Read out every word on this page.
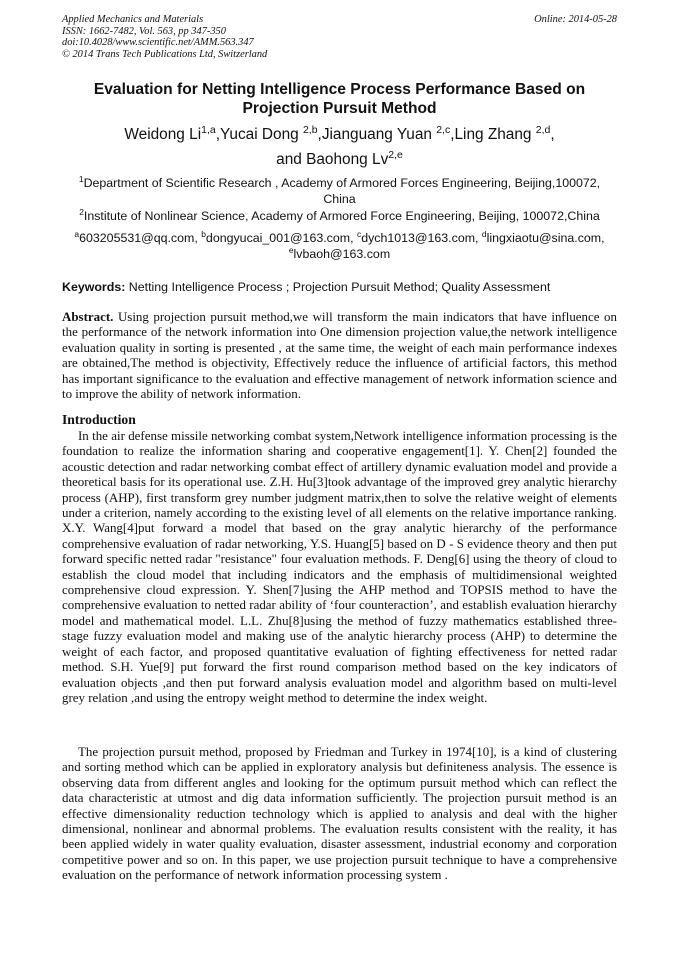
Applied Mechanics and Materials	Online: 2014-05-28
ISSN: 1662-7482, Vol. 563, pp 347-350
doi:10.4028/www.scientific.net/AMM.563.347
© 2014 Trans Tech Publications Ltd, Switzerland
Evaluation for Netting Intelligence Process Performance Based on Projection Pursuit Method
Weidong Li$^{1,a}$,Yucai Dong $^{2,b}$,Jianguang Yuan $^{2,c}$,Ling Zhang $^{2,d}$,
and Baohong Lv$^{2,e}$
$^1$Department of Scientific Research , Academy of Armored Forces Engineering, Beijing,100072, China
$^2$Institute of Nonlinear Science, Academy of Armored Force Engineering, Beijing, 100072,China
$^a$603205531@qq.com, $^b$dongyucai_001@163.com, $^c$dych1013@163.com, $^d$lingxiaotu@sina.com,
$^e$lvbaoh@163.com
Keywords: Netting Intelligence Process ; Projection Pursuit Method; Quality Assessment
Abstract. Using projection pursuit method,we will transform the main indicators that have influence on the performance of the network information into One dimension projection value,the network intelligence evaluation quality in sorting is presented , at the same time, the weight of each main performance indexes are obtained,The method is objectivity, Effectively reduce the influence of artificial factors, this method has important significance to the evaluation and effective management of network information science and to improve the ability of network information.
Introduction
In the air defense missile networking combat system,Network intelligence information processing is the foundation to realize the information sharing and cooperative engagement[1]. Y. Chen[2] founded the acoustic detection and radar networking combat effect of artillery dynamic evaluation model and provide a theoretical basis for its operational use. Z.H. Hu[3]took advantage of the improved grey analytic hierarchy process (AHP), first transform grey number judgment matrix,then to solve the relative weight of elements under a criterion, namely according to the existing level of all elements on the relative importance ranking. X.Y. Wang[4]put forward a model that based on the gray analytic hierarchy of the performance comprehensive evaluation of radar networking, Y.S. Huang[5] based on D - S evidence theory and then put forward specific netted radar "resistance" four evaluation methods. F. Deng[6] using the theory of cloud to establish the cloud model that including indicators and the emphasis of multidimensional weighted comprehensive cloud expression. Y. Shen[7]using the AHP method and TOPSIS method to have the comprehensive evaluation to netted radar ability of ‘four counteraction’, and establish evaluation hierarchy model and mathematical model. L.L. Zhu[8]using the method of fuzzy mathematics established three-stage fuzzy evaluation model and making use of the analytic hierarchy process (AHP) to determine the weight of each factor, and proposed quantitative evaluation of fighting effectiveness for netted radar method. S.H. Yue[9] put forward the first round comparison method based on the key indicators of evaluation objects ,and then put forward analysis evaluation model and algorithm based on multi-level grey relation ,and using the entropy weight method to determine the index weight.
The projection pursuit method, proposed by Friedman and Turkey in 1974[10], is a kind of clustering and sorting method which can be applied in exploratory analysis but definiteness analysis. The essence is observing data from different angles and looking for the optimum pursuit method which can reflect the data characteristic at utmost and dig data information sufficiently. The projection pursuit method is an effective dimensionality reduction technology which is applied to analysis and deal with the higher dimensional, nonlinear and abnormal problems. The evaluation results consistent with the reality, it has been applied widely in water quality evaluation, disaster assessment, industrial economy and corporation competitive power and so on. In this paper, we use projection pursuit technique to have a comprehensive evaluation on the performance of network information processing system .
